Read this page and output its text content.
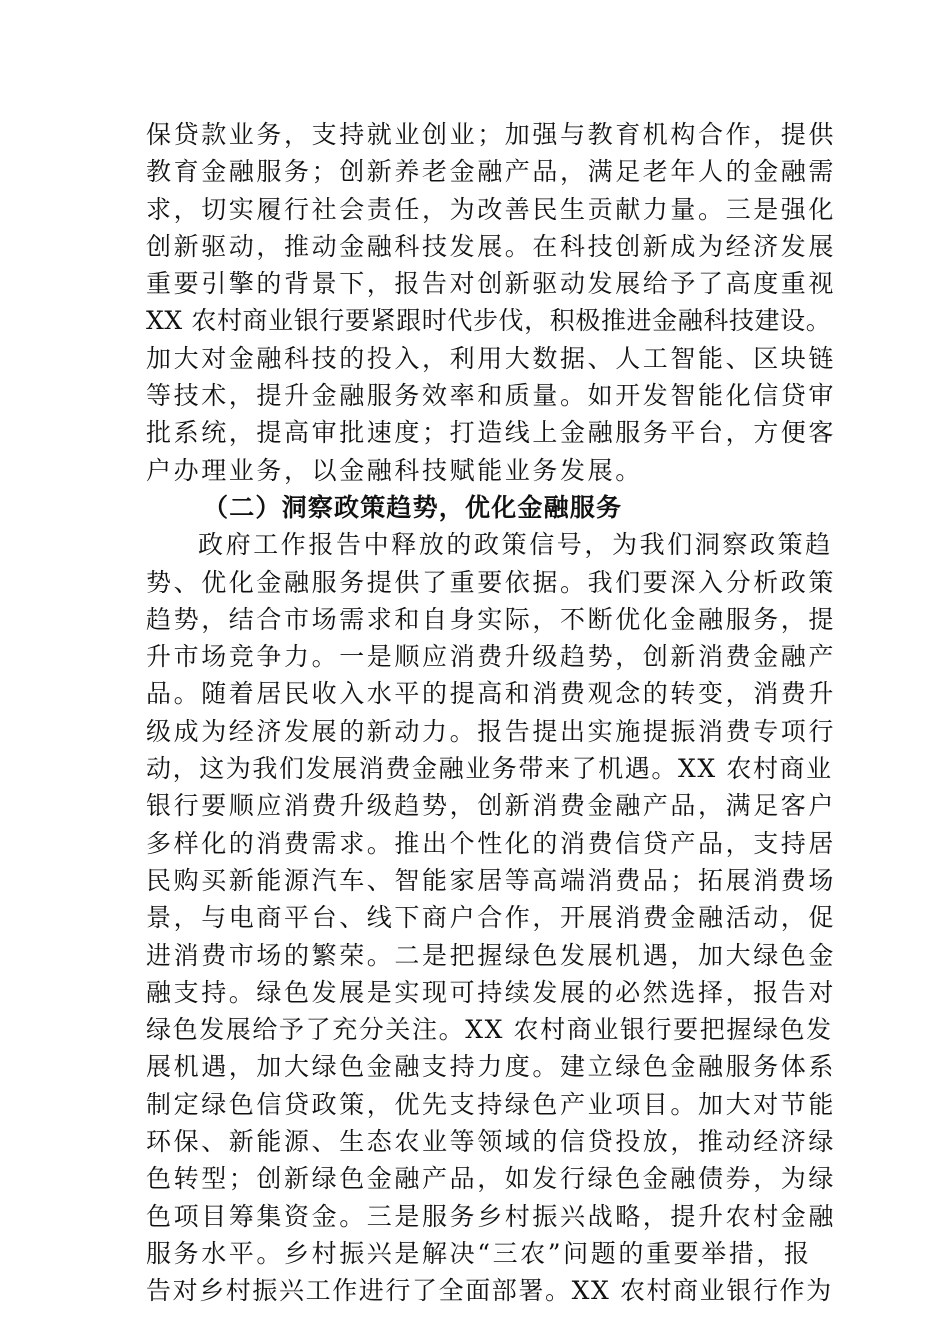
保贷款业务，支持就业创业；加强与教育机构合作，提供
教育金融服务；创新养老金融产品，满足老年人的金融需
求，切实履行社会责任，为改善民生贡献力量。三是强化
创新驱动，推动金融科技发展。在科技创新成为经济发展
重要引擎的背景下，报告对创新驱动发展给予了高度重视
XX 农村商业银行要紧跟时代步伐，积极推进金融科技建设。
加大对金融科技的投入，利用大数据、人工智能、区块链
等技术，提升金融服务效率和质量。如开发智能化信贷审
批系统，提高审批速度；打造线上金融服务平台，方便客
户办理业务，以金融科技赋能业务发展。
（二）洞察政策趋势，优化金融服务
政府工作报告中释放的政策信号，为我们洞察政策趋
势、优化金融服务提供了重要依据。我们要深入分析政策
趋势，结合市场需求和自身实际，不断优化金融服务，提
升市场竞争力。一是顺应消费升级趋势，创新消费金融产
品。随着居民收入水平的提高和消费观念的转变，消费升
级成为经济发展的新动力。报告提出实施提振消费专项行
动，这为我们发展消费金融业务带来了机遇。XX 农村商业
银行要顺应消费升级趋势，创新消费金融产品，满足客户
多样化的消费需求。推出个性化的消费信贷产品，支持居
民购买新能源汽车、智能家居等高端消费品；拓展消费场
景，与电商平台、线下商户合作，开展消费金融活动，促
进消费市场的繁荣。二是把握绿色发展机遇，加大绿色金
融支持。绿色发展是实现可持续发展的必然选择，报告对
绿色发展给予了充分关注。XX 农村商业银行要把握绿色发
展机遇，加大绿色金融支持力度。建立绿色金融服务体系
制定绿色信贷政策，优先支持绿色产业项目。加大对节能
环保、新能源、生态农业等领域的信贷投放，推动经济绿
色转型；创新绿色金融产品，如发行绿色金融债券，为绿
色项目筹集资金。三是服务乡村振兴战略，提升农村金融
服务水平。乡村振兴是解决“三农”问题的重要举措，报
告对乡村振兴工作进行了全面部署。XX 农村商业银行作为
